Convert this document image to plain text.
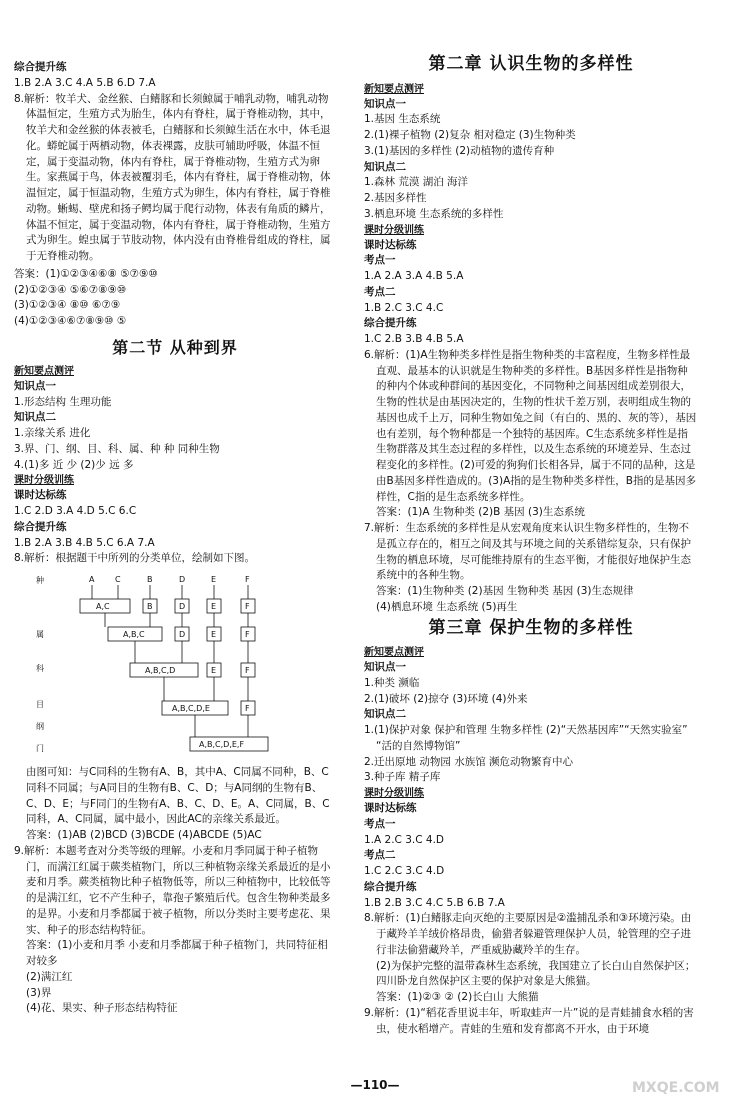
综合提升练

1.B 2.A 3.C 4.A 5.B 6.D 7.A

8.解析：牧羊犬、金丝猴、白鳍豚和长须鲸属于哺乳动物，哺乳动物体温恒定，生殖方式为胎生，体内有脊柱，属于脊椎动物，其中，牧羊犬和金丝猴的体表被毛，白鳍豚和长须鲸生活在水中，体毛退化。蟒蛇属于两栖动物，体表裸露，皮肤可辅助呼吸，体温不恒定，属于变温动物，体内有脊柱，属于脊椎动物，生殖方式为卵生。家燕属于鸟，体表被覆羽毛，体内有脊柱，属于脊椎动物，体温恒定，属于恒温动物，生殖方式为卵生，体内有脊柱，属于脊椎动物。蜥蜴、壁虎和扬子鳄均属于爬行动物，体表有角质的鳞片，体温不恒定，属于变温动物，体内有脊柱，属于脊椎动物，生殖方式为卵生。蝗虫属于节肢动物，体内没有由脊椎骨组成的脊柱，属于无脊椎动物。

答案：(1)①②③④⑥⑧ ⑤⑦⑨⑩

(2)①②③④ ⑤⑥⑦⑧⑨⑩

(3)①②③④ ⑧⑩ ⑥⑦⑨

(4)①②③④⑥⑦⑧⑨⑩ ⑤

第二节 从种到界

新知要点测评

知识点一

1.形态结构 生理功能

知识点二

1.亲缘关系 进化

3.界、门、纲、目、科、属、种 种 同种生物

4.(1)多 近 少 (2)少 远 多

课时分级训练

课时达标练

1.C 2.D 3.A 4.D 5.C 6.C

综合提升练

1.B 2.A 3.B 4.B 5.C 6.A 7.A

8.解析：根据题干中所列的分类单位，绘制如下图。

种
属
科
目
纲
门
A	C	B	D	E	F
A,C	B	D	E	F
A,B,C	D	E	F
A,B,C,D	E	F
A,B,C,D,E	F
A,B,C,D,E,F

由图可知：与C同科的生物有A、B，其中A、C同属不同种，B、C同科不同属；与A同目的生物有B、C、D；与A同纲的生物有B、C、D、E；与F同门的生物有A、B、C、D、E。A、C同属，B、C同科，A、C同属，属中最小，因此AC的亲缘关系最近。

答案：(1)AB (2)BCD (3)BCDE (4)ABCDE (5)AC

9.解析：本题考查对分类等级的理解。小麦和月季同属于种子植物门，而满江红属于蕨类植物门，所以三种植物亲缘关系最近的是小麦和月季。蕨类植物比种子植物低等，所以三种植物中，比较低等的是满江红，它不产生种子，靠孢子繁殖后代。包含生物种类最多的是界。小麦和月季都属于被子植物，所以分类时主要考虑花、果实、种子的形态结构特征。

答案：(1)小麦和月季 小麦和月季都属于种子植物门，共同特征相对较多

(2)满江红

(3)界

(4)花、果实、种子形态结构特征

第二章 认识生物的多样性

新知要点测评

知识点一

1.基因 生态系统

2.(1)裸子植物 (2)复杂 相对稳定 (3)生物种类

3.(1)基因的多样性 (2)动植物的遗传育种

知识点二

1.森林 荒漠 湖泊 海洋

2.基因多样性

3.栖息环境 生态系统的多样性

课时分级训练

课时达标练

考点一

1.A 2.A 3.A 4.B 5.A

考点二

1.B 2.C 3.C 4.C

综合提升练

1.C 2.B 3.B 4.B 5.A

6.解析：(1)A生物种类多样性是指生物种类的丰富程度，生物多样性最直观、最基本的认识就是生物种类的多样性。B基因多样性是指物种的种内个体或种群间的基因变化，不同物种之间基因组成差别很大，生物的性状是由基因决定的，生物的性状千差万别，表明组成生物的基因也成千上万，同种生物如兔之间（有白的、黑的、灰的等），基因也有差别，每个物种都是一个独特的基因库。C生态系统多样性是指生物群落及其生态过程的多样性，以及生态系统的环境差异、生态过程变化的多样性。(2)可爱的狗狗们长相各异，属于不同的品种，这是由B基因多样性造成的。(3)A指的是生物种类多样性，B指的是基因多样性，C指的是生态系统多样性。

答案：(1)A 生物种类 (2)B 基因 (3)生态系统

7.解析：生态系统的多样性是从宏观角度来认识生物多样性的，生物不是孤立存在的，相互之间及其与环境之间的关系错综复杂，只有保护生物的栖息环境，尽可能维持原有的生态平衡，才能很好地保护生态系统中的各种生物。

答案：(1)生物种类 (2)基因 生物种类 基因 (3)生态规律

(4)栖息环境 生态系统 (5)再生

第三章 保护生物的多样性

新知要点测评

知识点一

1.种类 濒临

2.(1)破坏 (2)掠夺 (3)环境 (4)外来

知识点二

1.(1)保护对象 保护和管理 生物多样性 (2)“天然基因库”“天然实验室” “活的自然博物馆”

2.迁出原地 动物园 水族馆 濒危动物繁育中心

3.种子库 精子库

课时分级训练

课时达标练

考点一

1.A 2.C 3.C 4.D

考点二

1.C 2.C 3.C 4.D

综合提升练

1.B 2.B 3.C 4.C 5.B 6.B 7.A

8.解析：(1)白鳍豚走向灭绝的主要原因是②滥捕乱杀和③环境污染。由于藏羚羊羊绒价格昂贵，偷猎者躲避管理保护人员，轮管理的空子进行非法偷猎藏羚羊，严重威胁藏羚羊的生存。

(2)为保护完整的温带森林生态系统，我国建立了长白山自然保护区；四川卧龙自然保护区主要的保护对象是大熊猫。

答案：(1)②③ ② (2)长白山 大熊猫

9.解析：(1)“稻花香里说丰年，听取蛙声一片”说的是青蛙捕食水稻的害虫，使水稻增产。青蛙的生殖和发育都离不开水，由于环境

—110—	MXQE.COM
